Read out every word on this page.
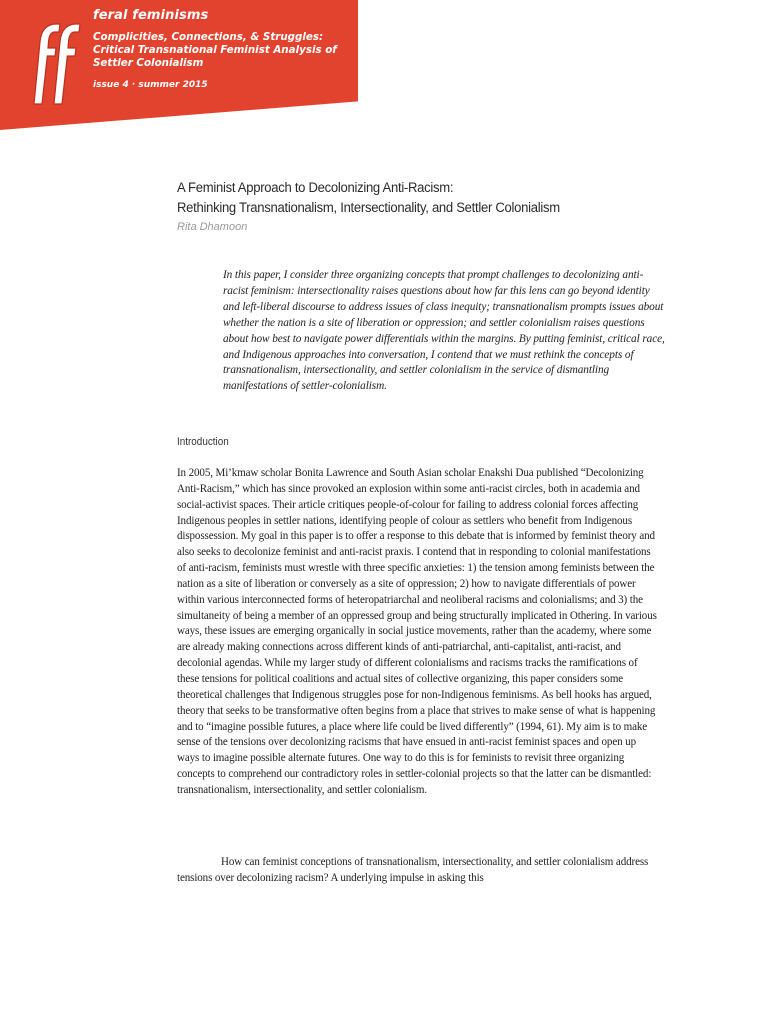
feral feminisms
Complicities, Connections, & Struggles: Critical Transnational Feminist Analysis of Settler Colonialism
issue 4 · summer 2015
A Feminist Approach to Decolonizing Anti-Racism:
Rethinking Transnationalism, Intersectionality, and Settler Colonialism
Rita Dhamoon

In this paper, I consider three organizing concepts that prompt challenges to decolonizing anti-racist feminism: intersectionality raises questions about how far this lens can go beyond identity and left-liberal discourse to address issues of class inequity; transnationalism prompts issues about whether the nation is a site of liberation or oppression; and settler colonialism raises questions about how best to navigate power differentials within the margins. By putting feminist, critical race, and Indigenous approaches into conversation, I contend that we must rethink the concepts of transnationalism, intersectionality, and settler colonialism in the service of dismantling manifestations of settler-colonialism.

Introduction

In 2005, Mi’kmaw scholar Bonita Lawrence and South Asian scholar Enakshi Dua published “Decolonizing Anti-Racism,” which has since provoked an explosion within some anti-racist circles, both in academia and social-activist spaces. Their article critiques people-of-colour for failing to address colonial forces affecting Indigenous peoples in settler nations, identifying people of colour as settlers who benefit from Indigenous dispossession. My goal in this paper is to offer a response to this debate that is informed by feminist theory and also seeks to decolonize feminist and anti-racist praxis. I contend that in responding to colonial manifestations of anti-racism, feminists must wrestle with three specific anxieties: 1) the tension among feminists between the nation as a site of liberation or conversely as a site of oppression; 2) how to navigate differentials of power within various interconnected forms of heteropatriarchal and neoliberal racisms and colonialisms; and 3) the simultaneity of being a member of an oppressed group and being structurally implicated in Othering. In various ways, these issues are emerging organically in social justice movements, rather than the academy, where some are already making connections across different kinds of anti-patriarchal, anti-capitalist, anti-racist, and decolonial agendas. While my larger study of different colonialisms and racisms tracks the ramifications of these tensions for political coalitions and actual sites of collective organizing, this paper considers some theoretical challenges that Indigenous struggles pose for non-Indigenous feminisms. As bell hooks has argued, theory that seeks to be transformative often begins from a place that strives to make sense of what is happening and to “imagine possible futures, a place where life could be lived differently” (1994, 61). My aim is to make sense of the tensions over decolonizing racisms that have ensued in anti-racist feminist spaces and open up ways to imagine possible alternate futures. One way to do this is for feminists to revisit three organizing concepts to comprehend our contradictory roles in settler-colonial projects so that the latter can be dismantled: transnationalism, intersectionality, and settler colonialism.

How can feminist conceptions of transnationalism, intersectionality, and settler colonialism address tensions over decolonizing racism? A underlying impulse in asking this
